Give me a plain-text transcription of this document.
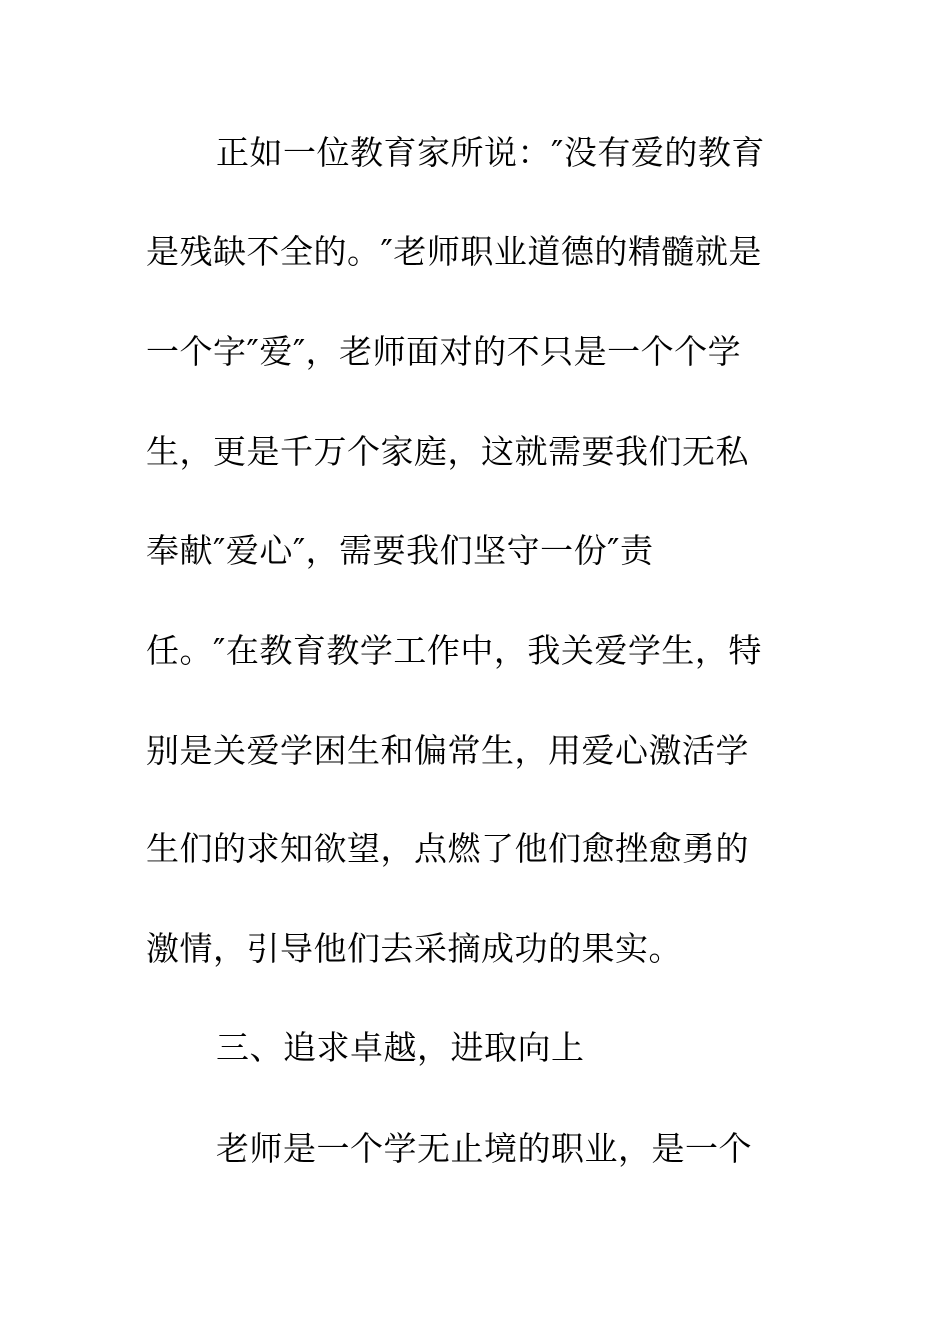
正如一位教育家所说：″没有爱的教育
是残缺不全的。″老师职业道德的精髓就是
一个字″爱″，老师面对的不只是一个个学
生，更是千万个家庭，这就需要我们无私
奉献″爱心″，需要我们坚守一份″责
任。″在教育教学工作中，我关爱学生，特
别是关爱学困生和偏常生，用爱心激活学
生们的求知欲望，点燃了他们愈挫愈勇的
激情，引导他们去采摘成功的果实。
三、追求卓越，进取向上
老师是一个学无止境的职业，是一个
